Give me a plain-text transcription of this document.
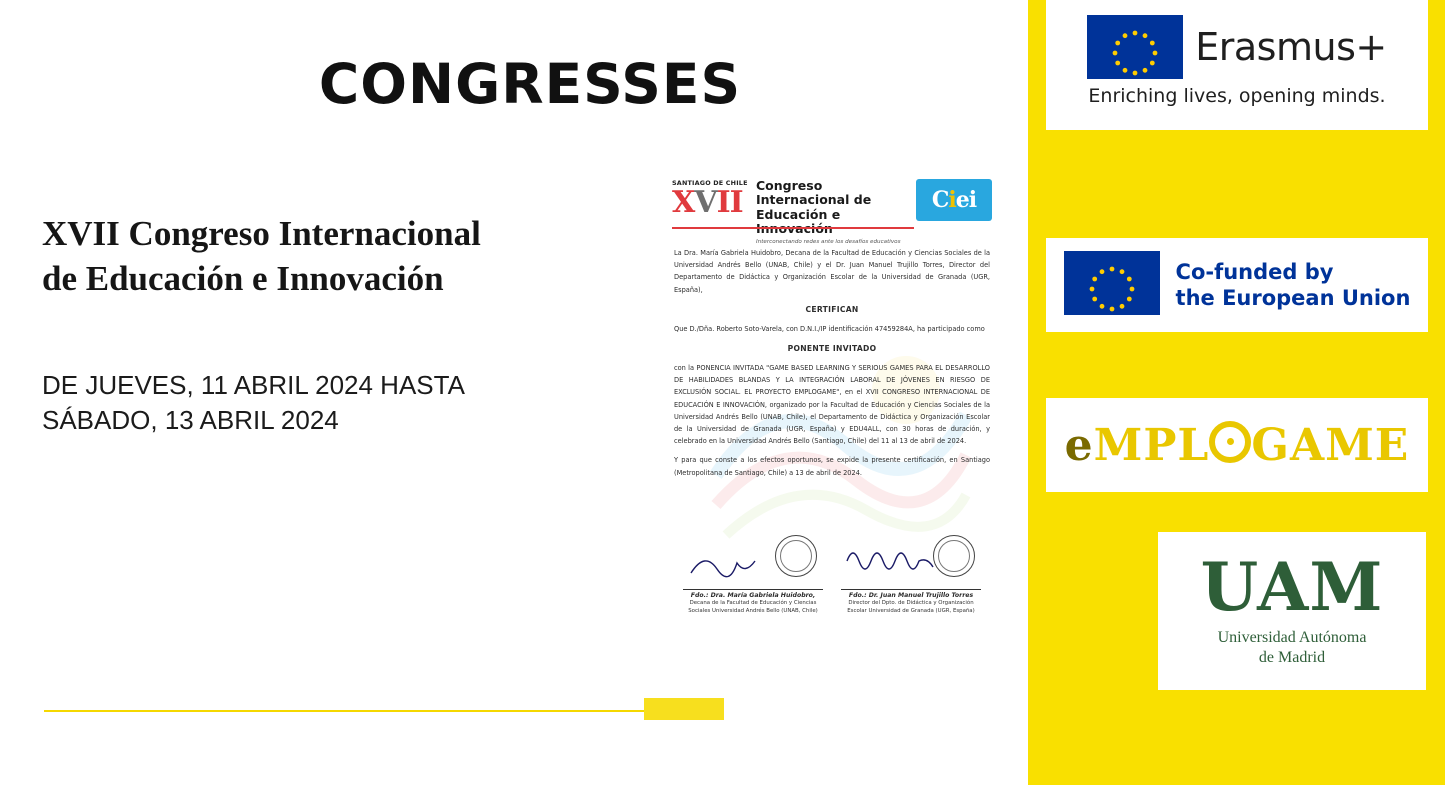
CONGRESSES
XVII Congreso Internacional de Educación e Innovación
DE JUEVES, 11 ABRIL 2024 HASTA SÁBADO, 13 ABRIL 2024
SANTIAGO DE CHILE
XVII	Congreso Internacional de
Educación e
Interconectando redes ante los desafíos educativos
C i ei

La Dra. María Gabriela Huidobro, Decana de la Facultad de Educación y Ciencias Sociales de la Universidad Andrés Bello (UNAB, Chile) y el Dr. Juan Manuel Trujillo Torres, Director del Departamento de Didáctica y Organización Escolar de la Universidad de Granada (UGR, España),

CERTIFICAN

Que D./Dña. Roberto Soto-Varela, con D.N.I./IP identificación 47459284A, ha participado como

PONENTE INVITADO

con la PONENCIA INVITADA "GAME BASED LEARNING Y SERIOUS GAMES PARA EL DESARROLLO DE HABILIDADES BLANDAS Y LA INTEGRACIÓN LABORAL DE JÓVENES EN RIESGO DE EXCLUSIÓN SOCIAL. EL PROYECTO EMPLOGAME", en el XVII CONGRESO INTERNACIONAL DE EDUCACIÓN E INNOVACIÓN, organizado por la Facultad de Educación y Ciencias Sociales de la Universidad Andrés Bello (UNAB, Chile), el Departamento de Didáctica y Organización Escolar de la Universidad de Granada (UGR, España) y EDU4ALL, con 30 horas de duración, y celebrado en la Universidad Andrés Bello (Santiago, Chile) del 11 al 13 de abril de 2024.

Y para que conste a los efectos oportunos, se expide la presente certificación, en Santiago (Metropolitana de Santiago, Chile) a 13 de abril de 2024.

Fdo.: Dra. María Gabriela Huidobro,
Decana de la Facultad de Educación y Ciencias Sociales Universidad Andrés Bello (UNAB, Chile)
Fdo.: Dr. Juan Manuel Trujillo Torres
Director del Dpto. de Didáctica y Organización Escolar Universidad de Granada (UGR, España)
Erasmus+
Enriching lives, opening minds.
Co-funded by
the European Union
eMPL GAME
UAM
Universidad Autónoma
de Madrid
